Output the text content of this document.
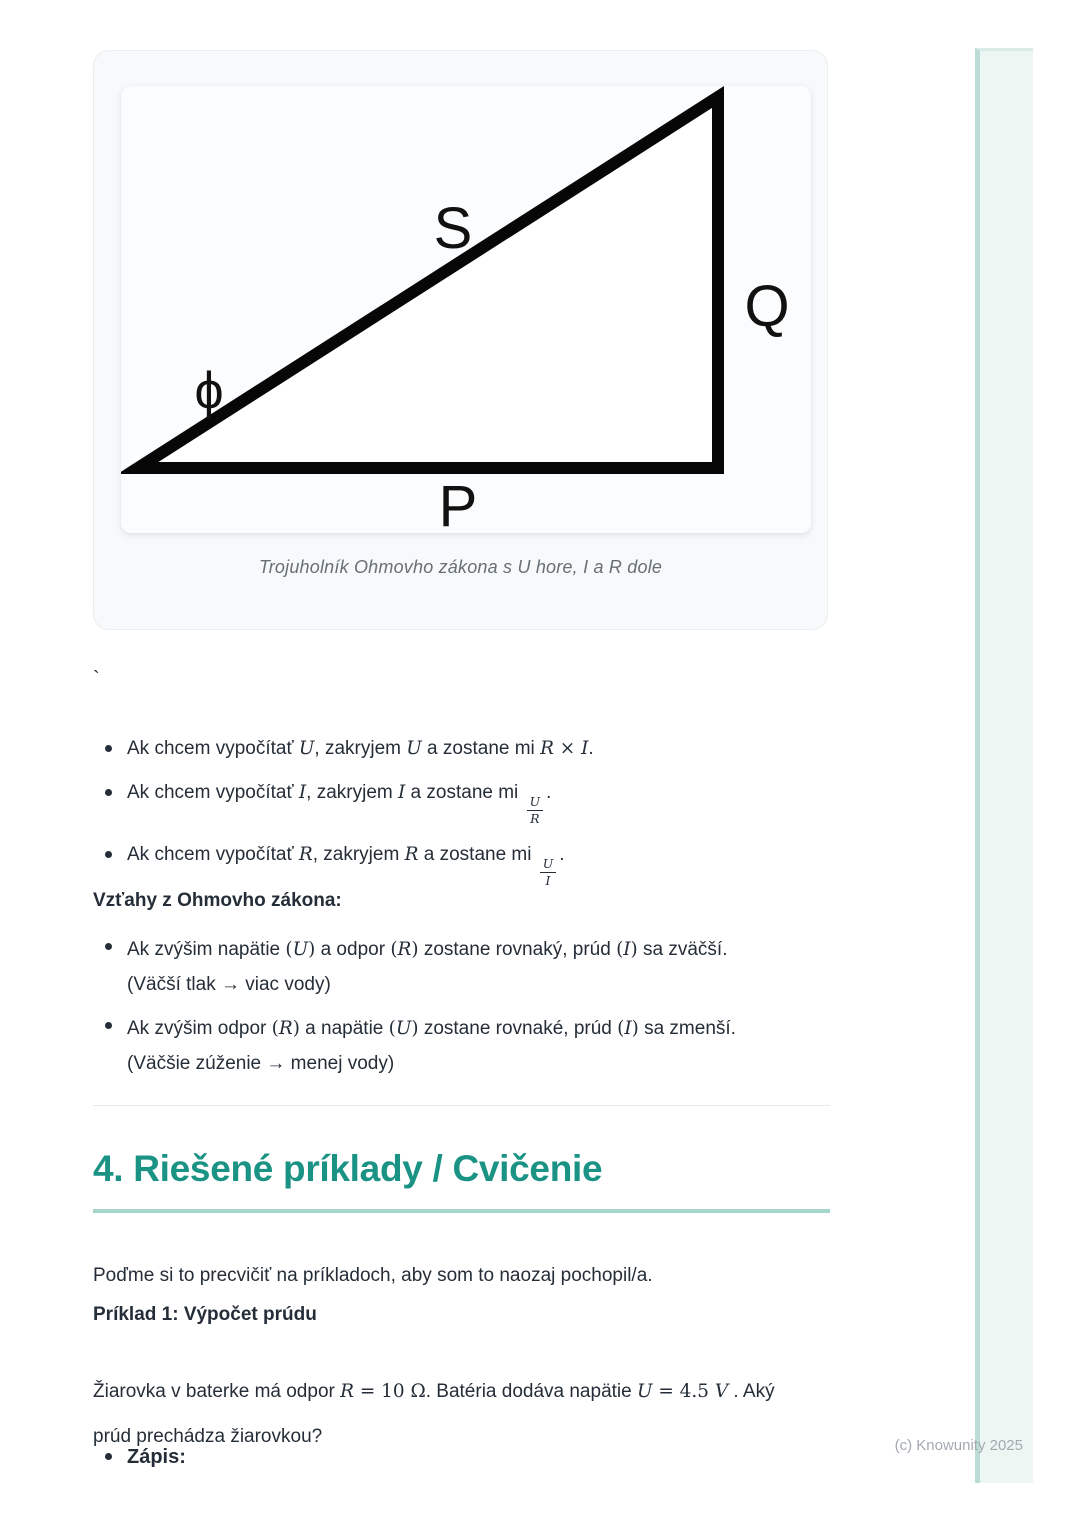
S
Q
P
ϕ
Trojuholník Ohmovho zákona s U hore, I a R dole
`
Ak chcem vypočítať U, zakryjem U a zostane mi R × I.
Ak chcem vypočítať I, zakryjem I a zostane mi
$\frac{U}{R}$
.
Ak chcem vypočítať R, zakryjem R a zostane mi
$\frac{U}{I}$
.
Vzťahy z Ohmovho zákona:
Ak zvýšim napätie (U) a odpor (R) zostane rovnaký, prúd (I) sa zväčší.
(Väčší tlak → viac vody)
Ak zvýšim odpor (R) a napätie (U) zostane rovnaké, prúd (I) sa zmenší.
(Väčšie zúženie → menej vody)
4. Riešené príklady / Cvičenie

Poďme si to precvičiť na príkladoch, aby som to naozaj pochopil/a.

Príklad 1: Výpočet prúdu

Žiarovka v baterke má odpor R = 10 Ω. Batéria dodáva napätie U = 4.5 V . Aký
prúd prechádza žiarovkou?

Zápis:
(c) Knowunity 2025
